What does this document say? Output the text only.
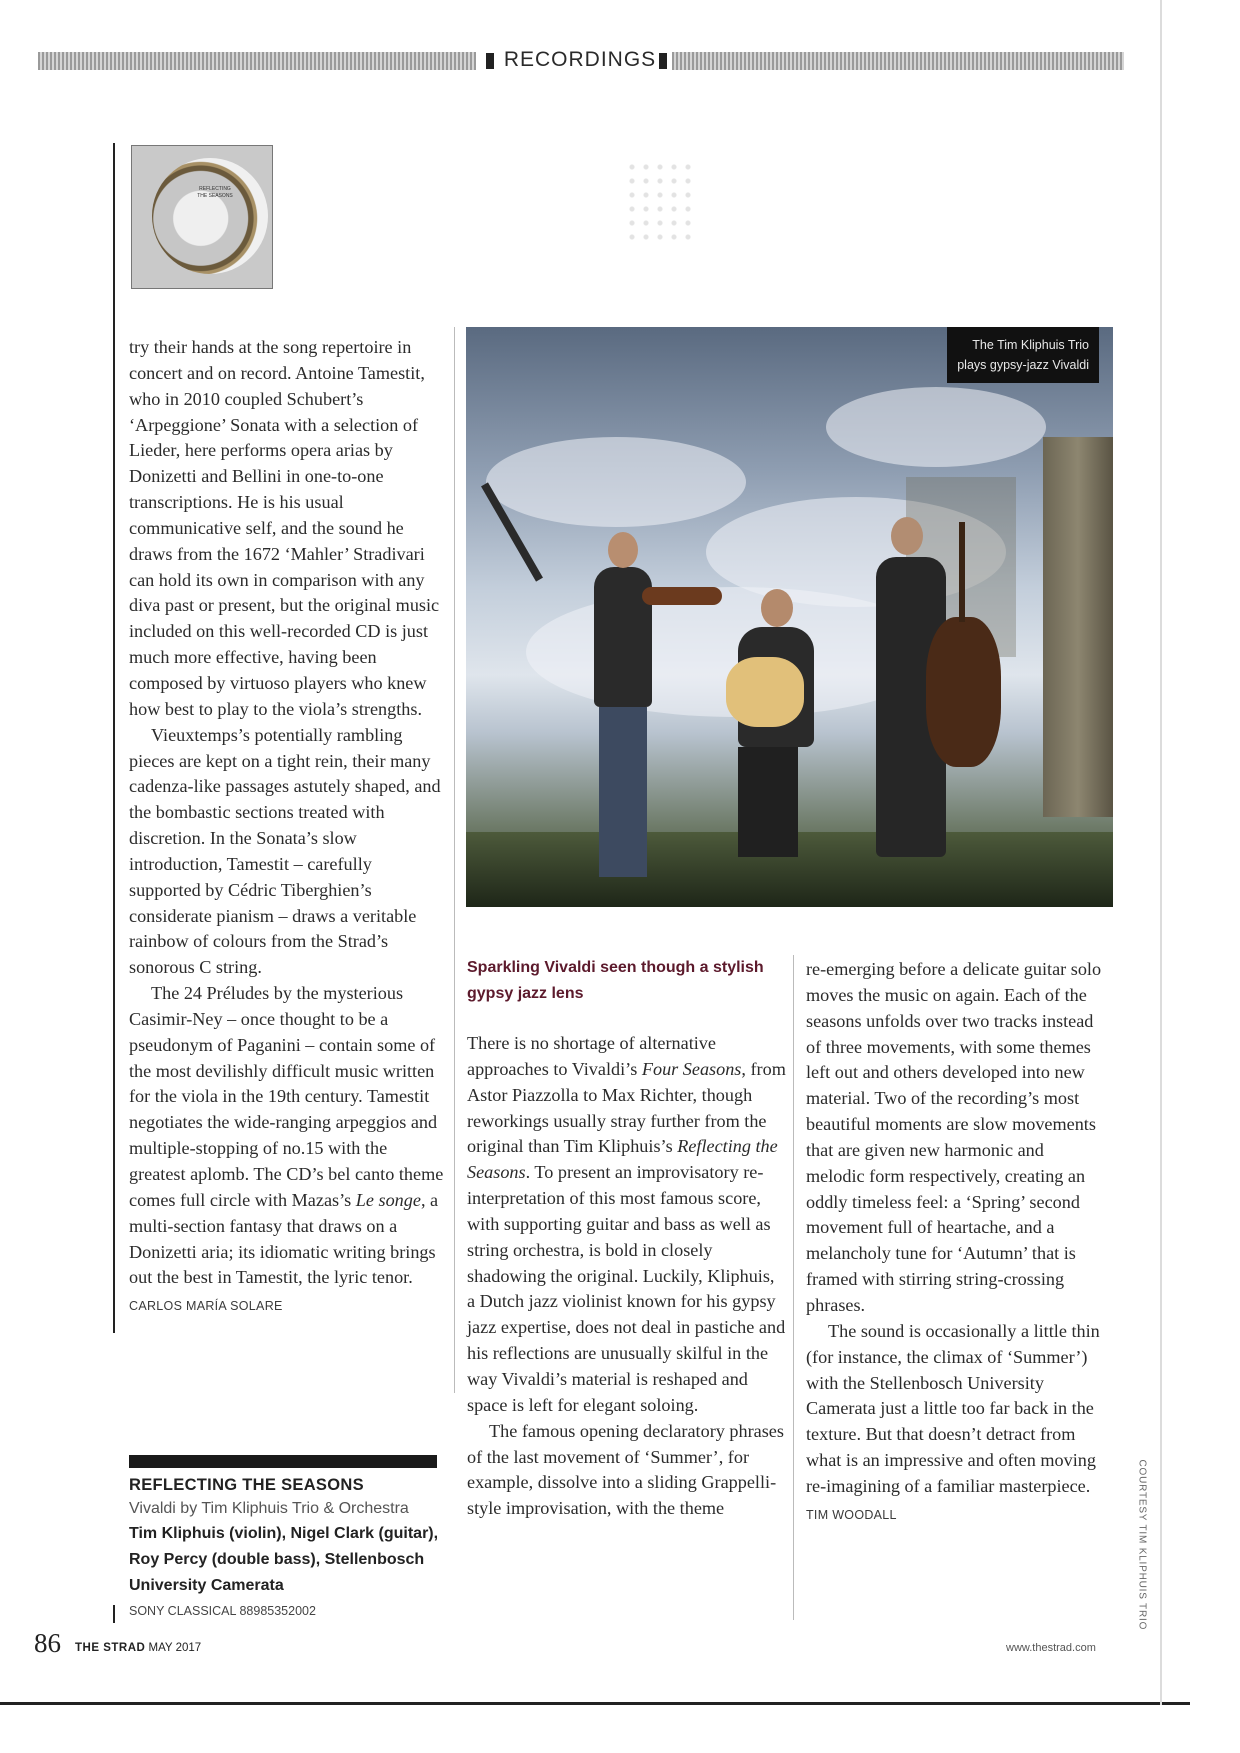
RECORDINGS
REFLECTING
THE SEASONS

try their hands at the song repertoire in concert and on record. Antoine Tamestit, who in 2010 coupled Schubert’s ‘Arpeggione’ Sonata with a selection of Lieder, here performs opera arias by Donizetti and Bellini in one-to-one transcriptions. He is his usual communicative self, and the sound he draws from the 1672 ‘Mahler’ Stradivari can hold its own in comparison with any diva past or present, but the original music included on this well-recorded CD is just much more effective, having been composed by virtuoso players who knew how best to play to the viola’s strengths.

Vieuxtemps’s potentially rambling pieces are kept on a tight rein, their many cadenza-like passages astutely shaped, and the bombastic sections treated with discretion. In the Sonata’s slow introduction, Tamestit – carefully supported by Cédric Tiberghien’s considerate pianism – draws a veritable rainbow of colours from the Strad’s sonorous C string.

The 24 Préludes by the mysterious Casimir-Ney – once thought to be a pseudonym of Paganini – contain some of the most devilishly difficult music written for the viola in the 19th century. Tamestit negotiates the wide-ranging arpeggios and multiple-stopping of no.15 with the greatest aplomb. The CD’s bel canto theme comes full circle with Mazas’s Le songe, a multi-section fantasy that draws on a Donizetti aria; its idiomatic writing brings out the best in Tamestit, the lyric tenor.

CARLOS MARÍA SOLARE

REFLECTING THE SEASONS
Vivaldi by Tim Kliphuis Trio & Orchestra
Tim Kliphuis (violin), Nigel Clark (guitar), Roy Percy (double bass), Stellenbosch University Camerata
SONY CLASSICAL 88985352002
The Tim Kliphuis Trio
plays gypsy-jazz Vivaldi
Sparkling Vivaldi seen though a stylish gypsy jazz lens

There is no shortage of alternative approaches to Vivaldi’s Four Seasons, from Astor Piazzolla to Max Richter, though reworkings usually stray further from the original than Tim Kliphuis’s Reflecting the Seasons. To present an improvisatory re-interpretation of this most famous score, with supporting guitar and bass as well as string orchestra, is bold in closely shadowing the original. Luckily, Kliphuis, a Dutch jazz violinist known for his gypsy jazz expertise, does not deal in pastiche and his reflections are unusually skilful in the way Vivaldi’s material is reshaped and space is left for elegant soloing.

The famous opening declaratory phrases of the last movement of ‘Summer’, for example, dissolve into a sliding Grappelli-style improvisation, with the theme

re-emerging before a delicate guitar solo moves the music on again. Each of the seasons unfolds over two tracks instead of three movements, with some themes left out and others developed into new material. Two of the recording’s most beautiful moments are slow movements that are given new harmonic and melodic form respectively, creating an oddly timeless feel: a ‘Spring’ second movement full of heartache, and a melancholy tune for ‘Autumn’ that is framed with stirring string-crossing phrases.

The sound is occasionally a little thin (for instance, the climax of ‘Summer’) with the Stellenbosch University Camerata just a little too far back in the texture. But that doesn’t detract from what is an impressive and often moving re-imagining of a familiar masterpiece.

TIM WOODALL	COURTESY TIM KLIPHUIS TRIO
86 THE STRAD MAY 2017	www.thestrad.com
